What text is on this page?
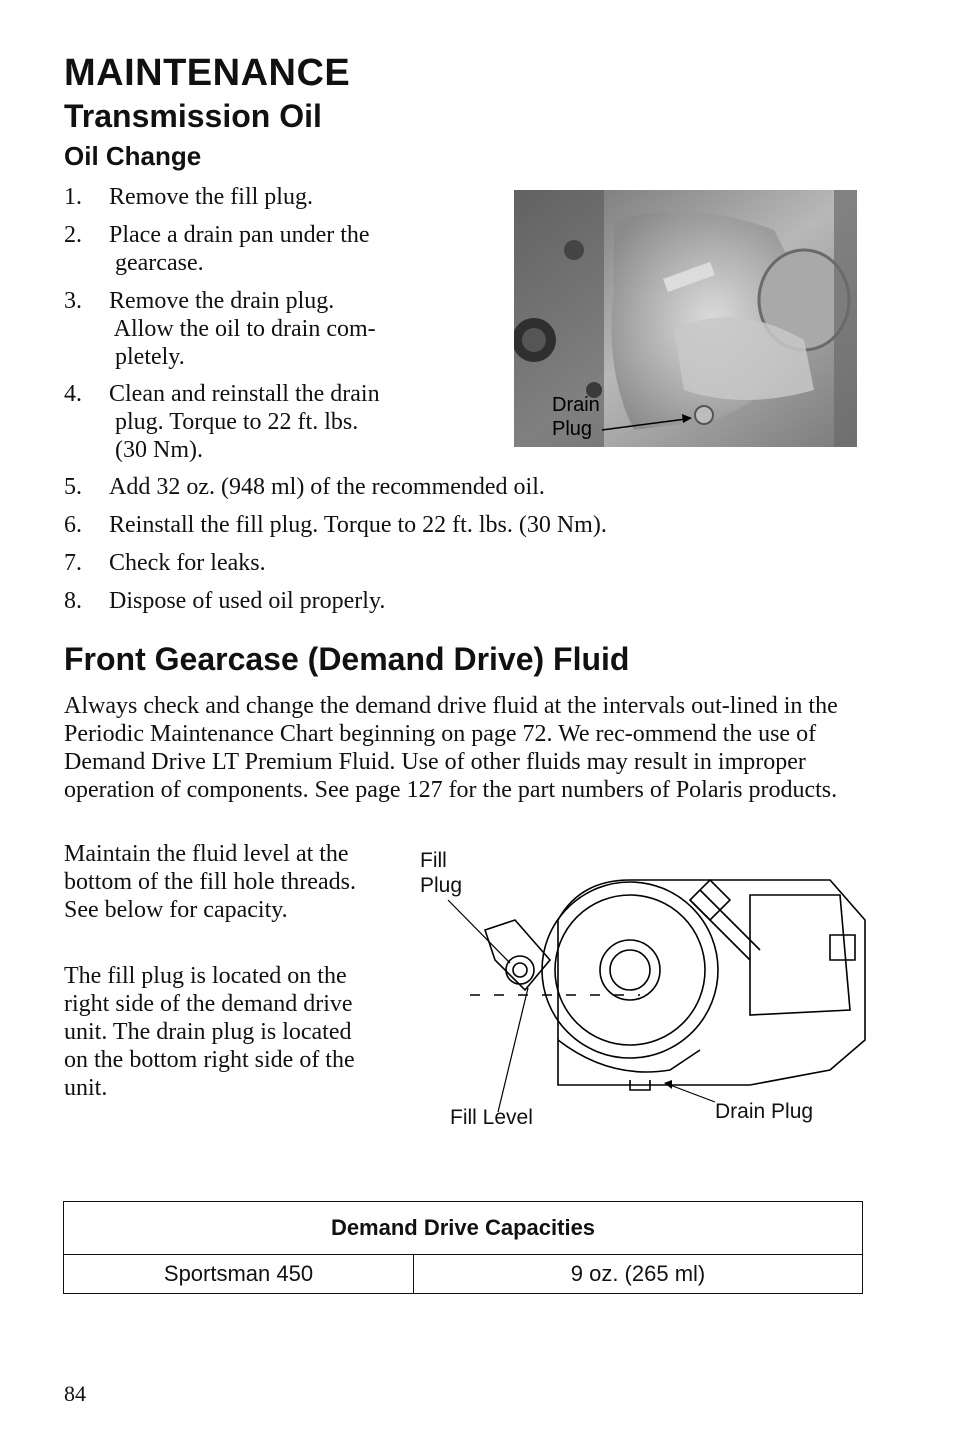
MAINTENANCE
Transmission Oil
Oil Change
1.	Remove the fill plug.
2.	Place a drain pan under the
gearcase.
3.	Remove the drain plug.
Allow the oil to drain com-
pletely.
4.	Clean and reinstall the drain
plug. Torque to 22 ft. lbs.
(30 Nm).
5.	Add 32 oz. (948 ml) of the recommended oil.
6.	Reinstall the fill plug. Torque to 22 ft. lbs. (30 Nm).
7.	Check for leaks.
8.	Dispose of used oil properly.
Drain
Plug
Front Gearcase (Demand Drive) Fluid
Always check and change the demand drive fluid at the intervals out-lined in the Periodic Maintenance Chart beginning on page 72. We rec-ommend the use of Demand Drive LT Premium Fluid. Use of other fluids may result in improper operation of components. See page 127 for the part numbers of Polaris products.
Maintain the fluid level at the bottom of the fill hole threads. See below for capacity.
The fill plug is located on the right side of the demand drive unit. The drain plug is located on the bottom right side of the unit.
Fill
Plug
Fill Level	Drain Plug
Demand Drive Capacities
Sportsman 450	9 oz. (265 ml)
84
